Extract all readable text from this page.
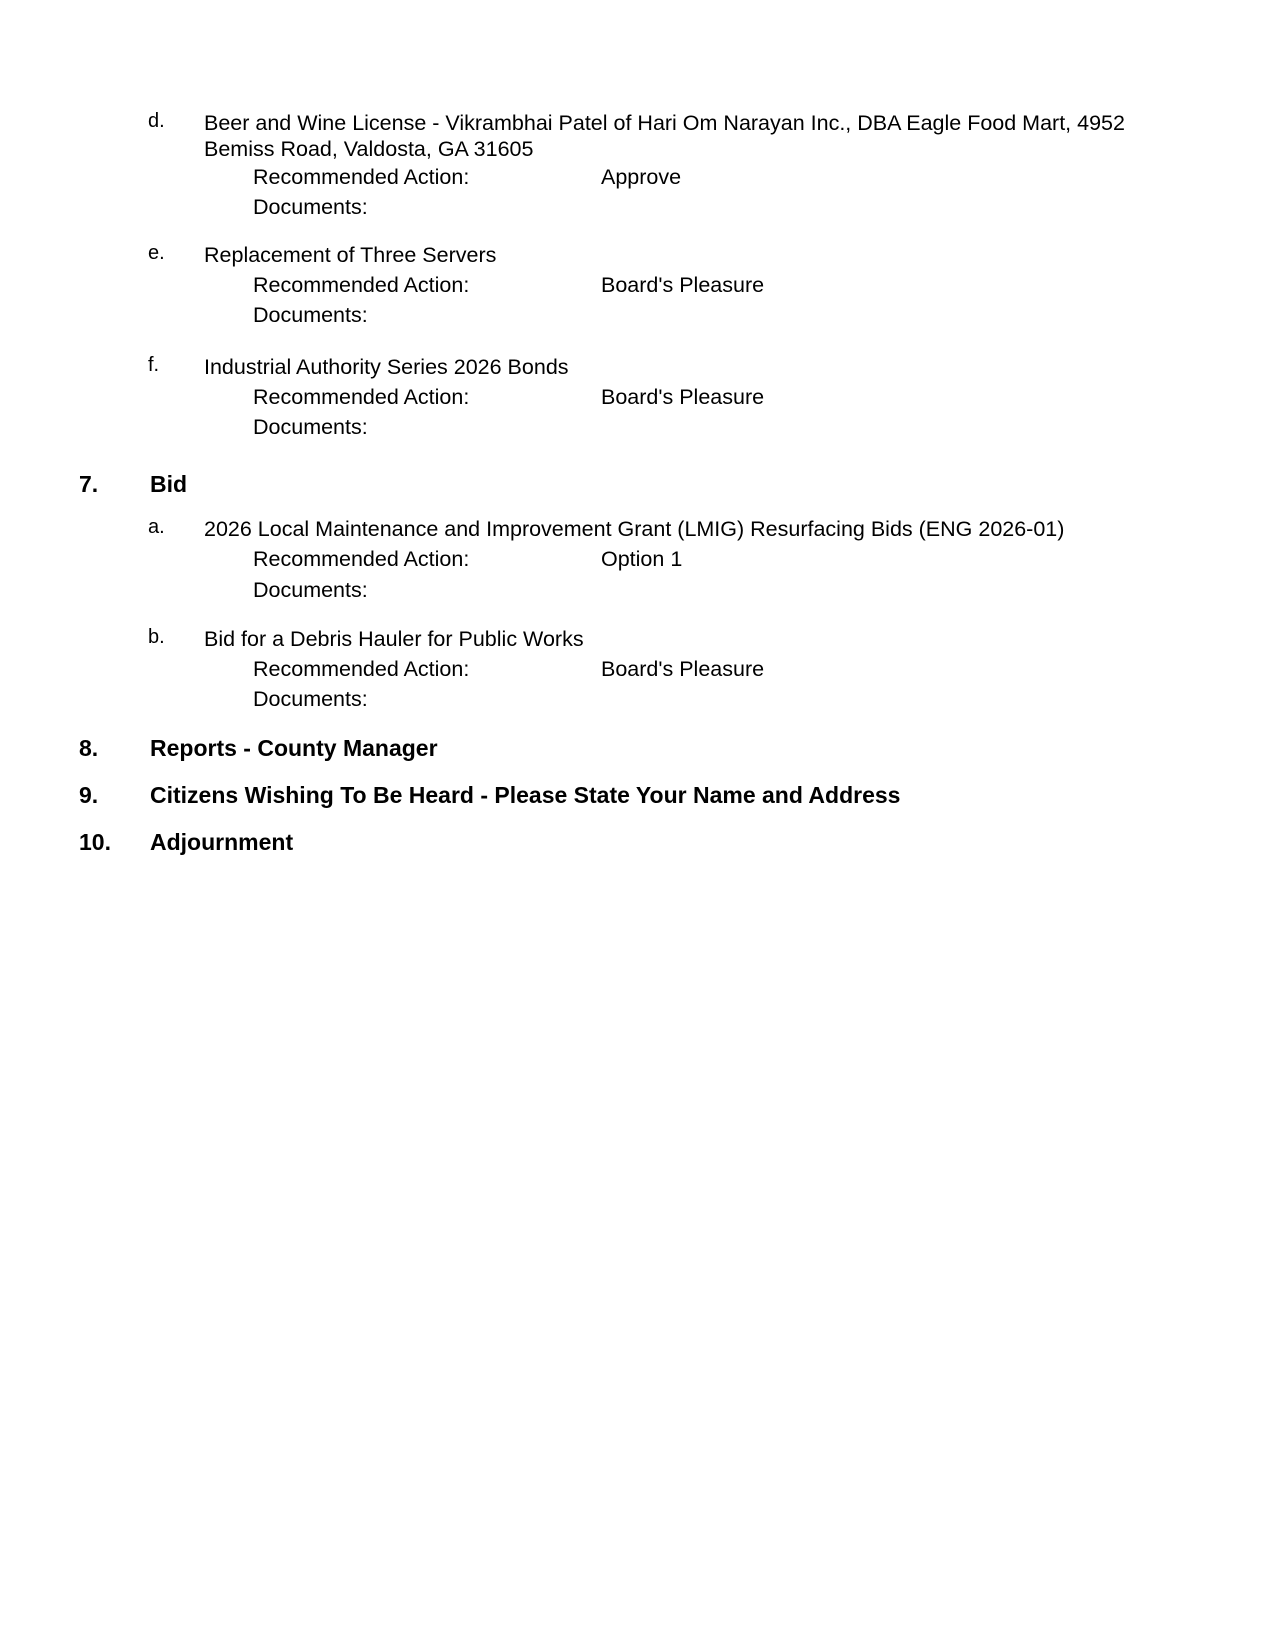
d. Beer and Wine License - Vikrambhai Patel of Hari Om Narayan Inc., DBA Eagle Food Mart, 4952
Bemiss Road, Valdosta, GA 31605
Recommended Action:	Approve
Documents:
e. Replacement of Three Servers
Recommended Action:	Board's Pleasure
Documents:
f. Industrial Authority Series 2026 Bonds
Recommended Action:	Board's Pleasure
Documents:
7. Bid
a. 2026 Local Maintenance and Improvement Grant (LMIG) Resurfacing Bids (ENG 2026-01)
Recommended Action:	Option 1
Documents:
b. Bid for a Debris Hauler for Public Works
Recommended Action:	Board's Pleasure
Documents:
8. Reports - County Manager
9. Citizens Wishing To Be Heard - Please State Your Name and Address
10. Adjournment
